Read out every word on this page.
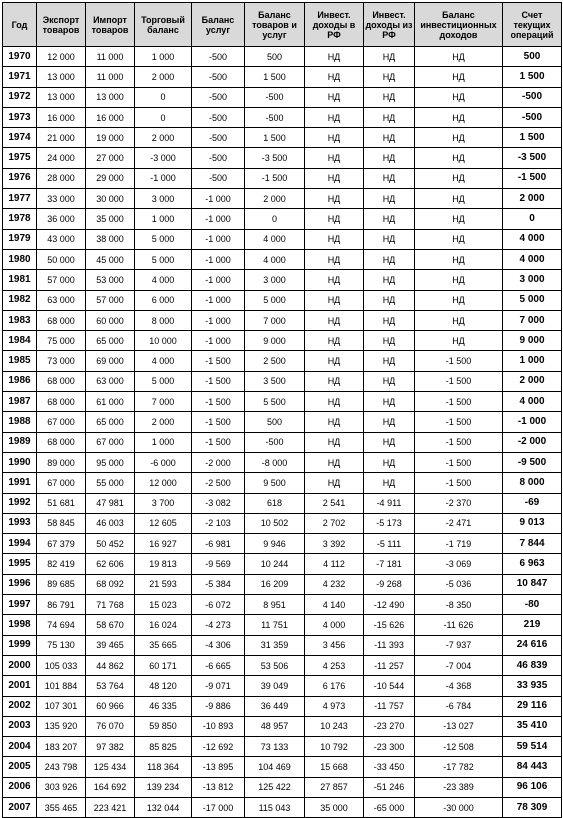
Год	Экспорт товаров	Импорт товаров	Торговый баланс	Баланс услуг	Баланс товаров и услуг	Инвест. доходы в РФ	Инвест. доходы из РФ	Баланс инвестиционных доходов	Счет текущих операций
1970	12 000	11 000	1 000	-500	500	НД	НД	НД	500
1971	13 000	11 000	2 000	-500	1 500	НД	НД	НД	1 500
1972	13 000	13 000	0	-500	-500	НД	НД	НД	-500
1973	16 000	16 000	0	-500	-500	НД	НД	НД	-500
1974	21 000	19 000	2 000	-500	1 500	НД	НД	НД	1 500
1975	24 000	27 000	-3 000	-500	-3 500	НД	НД	НД	-3 500
1976	28 000	29 000	-1 000	-500	-1 500	НД	НД	НД	-1 500
1977	33 000	30 000	3 000	-1 000	2 000	НД	НД	НД	2 000
1978	36 000	35 000	1 000	-1 000	0	НД	НД	НД	0
1979	43 000	38 000	5 000	-1 000	4 000	НД	НД	НД	4 000
1980	50 000	45 000	5 000	-1 000	4 000	НД	НД	НД	4 000
1981	57 000	53 000	4 000	-1 000	3 000	НД	НД	НД	3 000
1982	63 000	57 000	6 000	-1 000	5 000	НД	НД	НД	5 000
1983	68 000	60 000	8 000	-1 000	7 000	НД	НД	НД	7 000
1984	75 000	65 000	10 000	-1 000	9 000	НД	НД	НД	9 000
1985	73 000	69 000	4 000	-1 500	2 500	НД	НД	-1 500	1 000
1986	68 000	63 000	5 000	-1 500	3 500	НД	НД	-1 500	2 000
1987	68 000	61 000	7 000	-1 500	5 500	НД	НД	-1 500	4 000
1988	67 000	65 000	2 000	-1 500	500	НД	НД	-1 500	-1 000
1989	68 000	67 000	1 000	-1 500	-500	НД	НД	-1 500	-2 000
1990	89 000	95 000	-6 000	-2 000	-8 000	НД	НД	-1 500	-9 500
1991	67 000	55 000	12 000	-2 500	9 500	НД	НД	-1 500	8 000
1992	51 681	47 981	3 700	-3 082	618	2 541	-4 911	-2 370	-69
1993	58 845	46 003	12 605	-2 103	10 502	2 702	-5 173	-2 471	9 013
1994	67 379	50 452	16 927	-6 981	9 946	3 392	-5 111	-1 719	7 844
1995	82 419	62 606	19 813	-9 569	10 244	4 112	-7 181	-3 069	6 963
1996	89 685	68 092	21 593	-5 384	16 209	4 232	-9 268	-5 036	10 847
1997	86 791	71 768	15 023	-6 072	8 951	4 140	-12 490	-8 350	-80
1998	74 694	58 670	16 024	-4 273	11 751	4 000	-15 626	-11 626	219
1999	75 130	39 465	35 665	-4 306	31 359	3 456	-11 393	-7 937	24 616
2000	105 033	44 862	60 171	-6 665	53 506	4 253	-11 257	-7 004	46 839
2001	101 884	53 764	48 120	-9 071	39 049	6 176	-10 544	-4 368	33 935
2002	107 301	60 966	46 335	-9 886	36 449	4 973	-11 757	-6 784	29 116
2003	135 920	76 070	59 850	-10 893	48 957	10 243	-23 270	-13 027	35 410
2004	183 207	97 382	85 825	-12 692	73 133	10 792	-23 300	-12 508	59 514
2005	243 798	125 434	118 364	-13 895	104 469	15 668	-33 450	-17 782	84 443
2006	303 926	164 692	139 234	-13 812	125 422	27 857	-51 246	-23 389	96 106
2007	355 465	223 421	132 044	-17 000	115 043	35 000	-65 000	-30 000	78 309
